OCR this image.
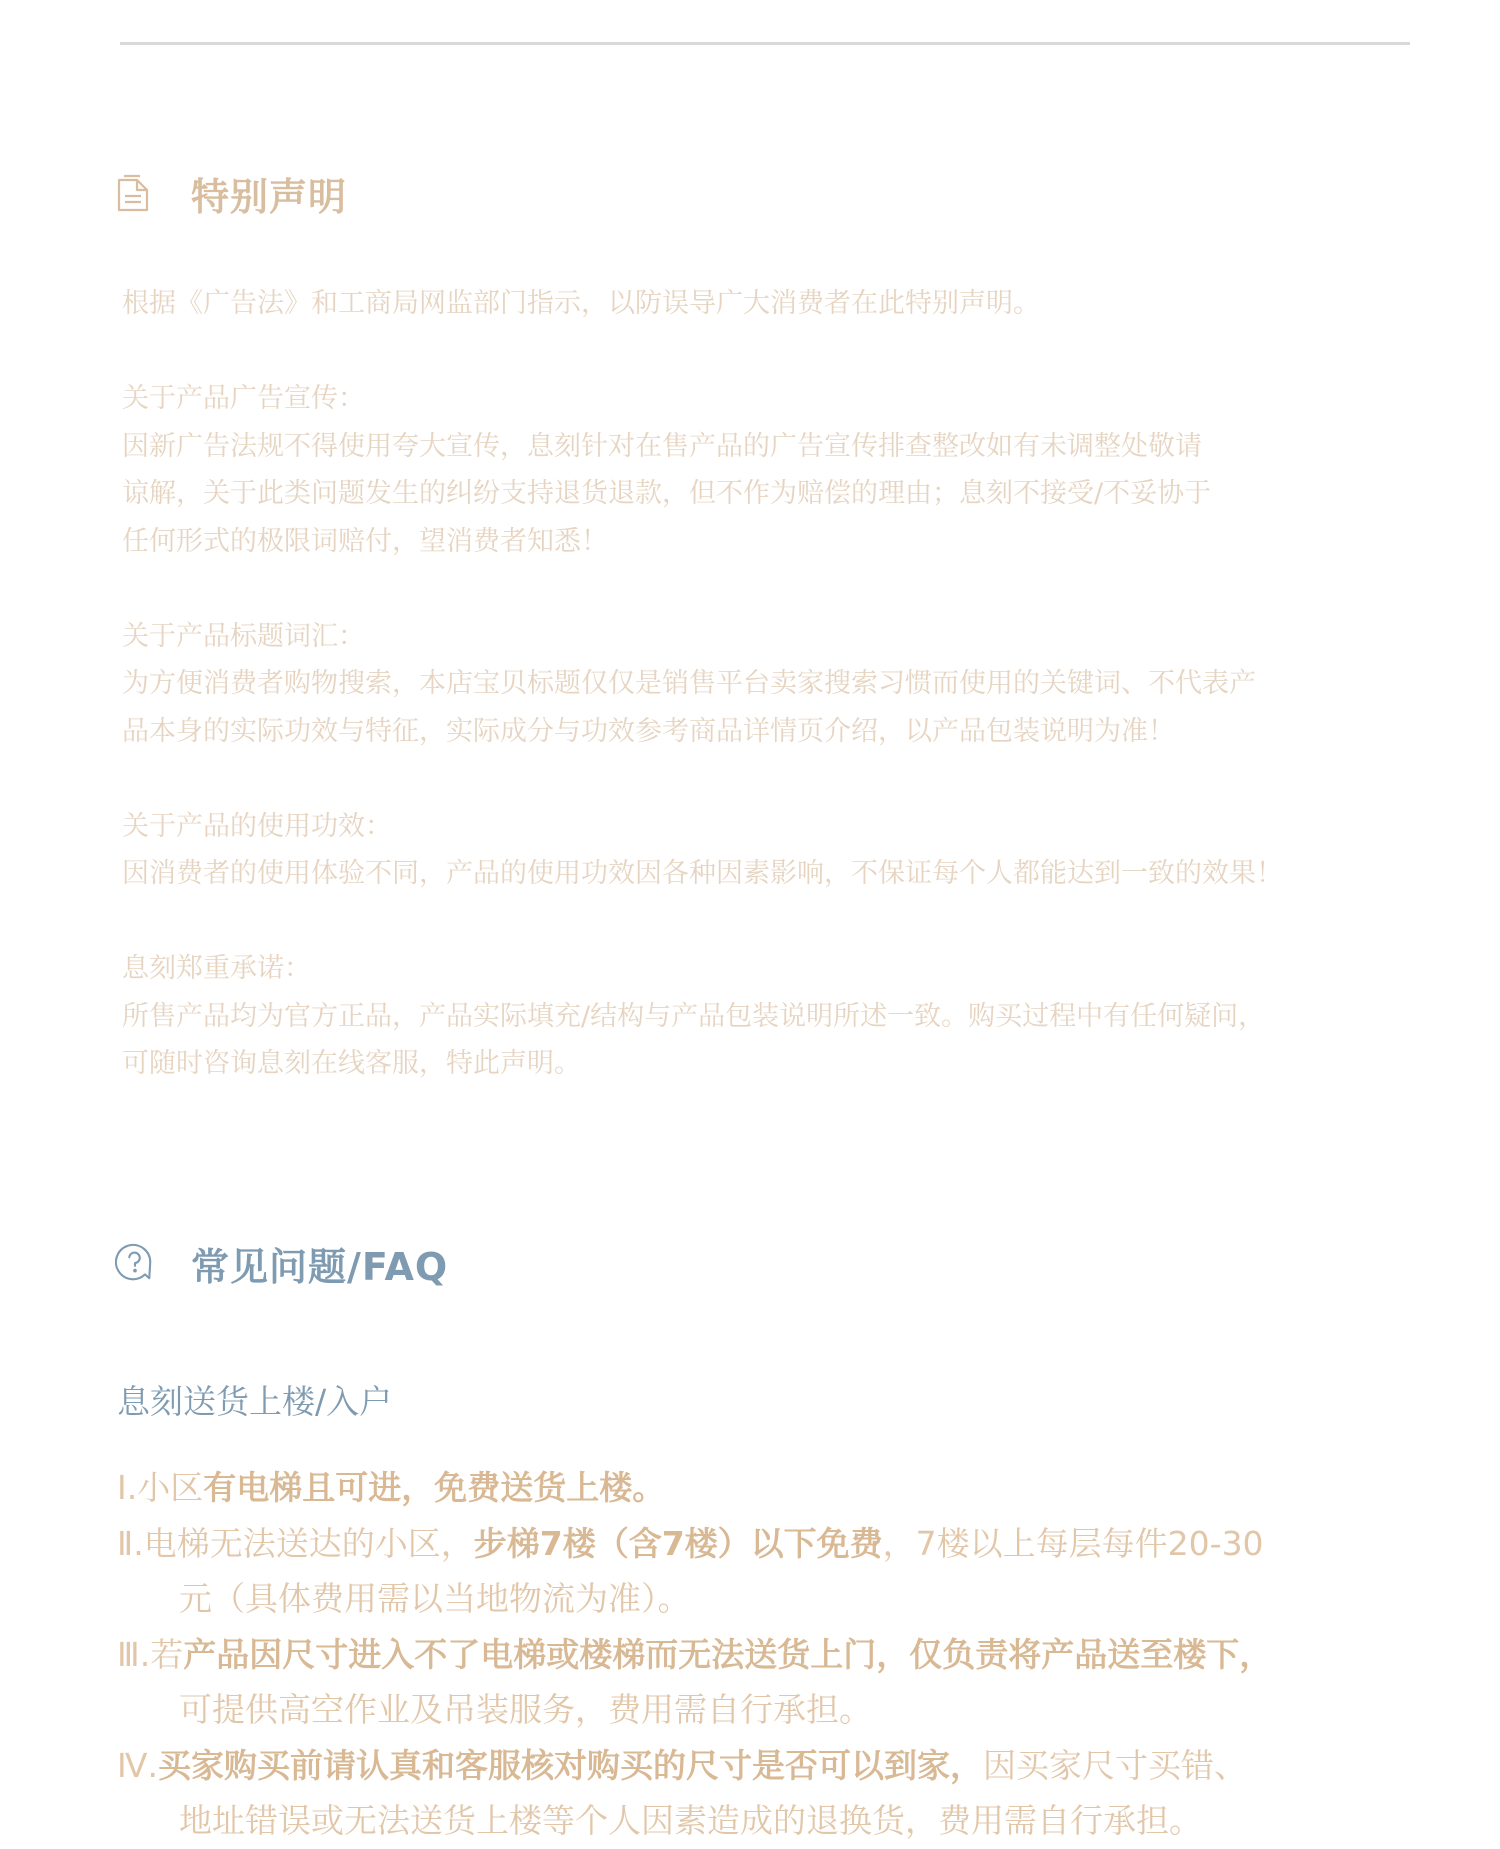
特别声明
根据《广告法》和工商局网监部门指示，以防误导广大消费者在此特别声明。
关于产品广告宣传：
因新广告法规不得使用夸大宣传，息刻针对在售产品的广告宣传排查整改如有未调整处敬请
谅解，关于此类问题发生的纠纷支持退货退款，但不作为赔偿的理由；息刻不接受/不妥协于
任何形式的极限词赔付，望消费者知悉！
关于产品标题词汇：
为方便消费者购物搜索，本店宝贝标题仅仅是销售平台卖家搜索习惯而使用的关键词、不代表产
品本身的实际功效与特征，实际成分与功效参考商品详情页介绍，以产品包装说明为准！
关于产品的使用功效：
因消费者的使用体验不同，产品的使用功效因各种因素影响，不保证每个人都能达到一致的效果！
息刻郑重承诺：
所售产品均为官方正品，产品实际填充/结构与产品包装说明所述一致。购买过程中有任何疑问，
可随时咨询息刻在线客服，特此声明。
常见问题/FAQ
息刻送货上楼/入户
Ⅰ.小区有电梯且可进，免费送货上楼。
Ⅱ.电梯无法送达的小区，步梯7楼（含7楼）以下免费，7楼以上每层每件20-30
元（具体费用需以当地物流为准）。
Ⅲ.若产品因尺寸进入不了电梯或楼梯而无法送货上门，仅负责将产品送至楼下，
可提供高空作业及吊装服务，费用需自行承担。
Ⅳ.买家购买前请认真和客服核对购买的尺寸是否可以到家，因买家尺寸买错、
地址错误或无法送货上楼等个人因素造成的退换货，费用需自行承担。
